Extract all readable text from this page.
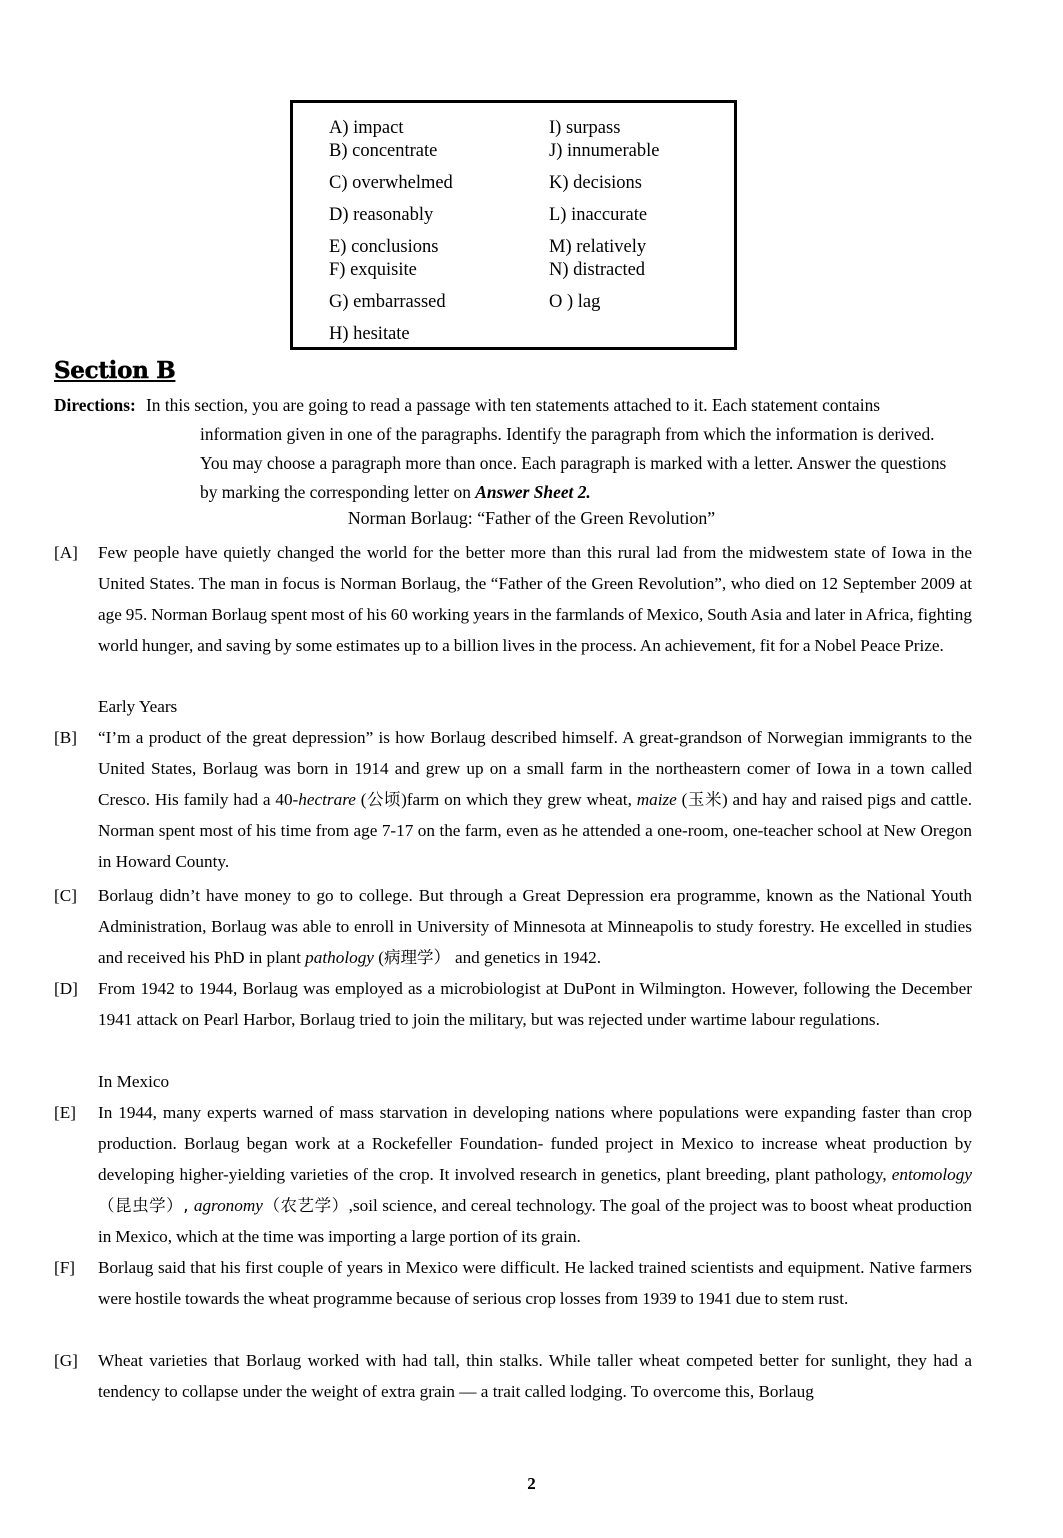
A) impact
B) concentrate
C) overwhelmed
D) reasonably
E) conclusions
F) exquisite
G) embarrassed
H) hesitate
I) surpass
J) innumerable
K) decisions
L) inaccurate
M) relatively
N) distracted
O ) lag
Section B
Directions: In this section, you are going to read a passage with ten statements attached to it. Each statement contains
information given in one of the paragraphs. Identify the paragraph from which the information is derived.
You may choose a paragraph more than once. Each paragraph is marked with a letter. Answer the questions
by marking the corresponding letter on Answer Sheet 2.
Norman Borlaug: “Father of the Green Revolution”
[A]	Few people have quietly changed the world for the better more than this rural lad from the midwestem state of Iowa in the United States. The man in focus is Norman Borlaug, the “Father of the Green Revolution”, who died on 12 September 2009 at age 95. Norman Borlaug spent most of his 60 working years in the farmlands of Mexico, South Asia and later in Africa, fighting world hunger, and saving by some estimates up to a billion lives in the process. An achievement, fit for a Nobel Peace Prize.
Early Years
[B]	“I’m a product of the great depression” is how Borlaug described himself. A great-grandson of Norwegian immigrants to the United States, Borlaug was born in 1914 and grew up on a small farm in the northeastern comer of Iowa in a town called Cresco. His family had a 40-hectrare (公顷)farm on which they grew wheat, maize (玉米) and hay and raised pigs and cattle. Norman spent most of his time from age 7-17 on the farm, even as he attended a one-room, one-teacher school at New Oregon in Howard County.
[C]	Borlaug didn’t have money to go to college. But through a Great Depression era programme, known as the National Youth Administration, Borlaug was able to enroll in University of Minnesota at Minneapolis to study forestry. He excelled in studies and received his PhD in plant pathology (病理学） and genetics in 1942.
[D]	From 1942 to 1944, Borlaug was employed as a microbiologist at DuPont in Wilmington. However, following the December 1941 attack on Pearl Harbor, Borlaug tried to join the military, but was rejected under wartime labour regulations.
In Mexico
[E]	In 1944, many experts warned of mass starvation in developing nations where populations were expanding faster than crop production. Borlaug began work at a Rockefeller Foundation- funded project in Mexico to increase wheat production by developing higher-yielding varieties of the crop. It involved research in genetics, plant breeding, plant pathology, entomology（昆虫学）, agronomy（农艺学）,soil science, and cereal technology. The goal of the project was to boost wheat production in Mexico, which at the time was importing a large portion of its grain.
[F]	Borlaug said that his first couple of years in Mexico were difficult. He lacked trained scientists and equipment. Native farmers were hostile towards the wheat programme because of serious crop losses from 1939 to 1941 due to stem rust.
[G]	Wheat varieties that Borlaug worked with had tall, thin stalks. While taller wheat competed better for sunlight, they had a tendency to collapse under the weight of extra grain — a trait called lodging. To overcome this, Borlaug
2
